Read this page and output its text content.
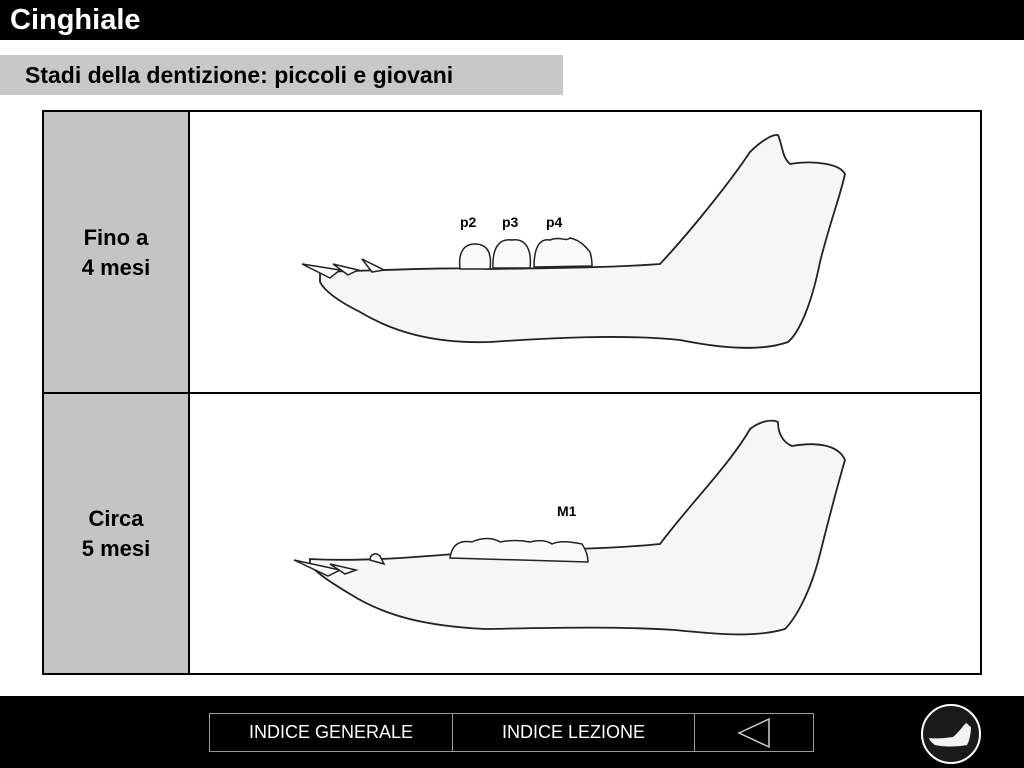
Cinghiale
Stadi della dentizione: piccoli e giovani
Fino a
4 mesi
p2 p3 p4
Circa
5 mesi
M1
INDICE GENERALE	INDICE LEZIONE
